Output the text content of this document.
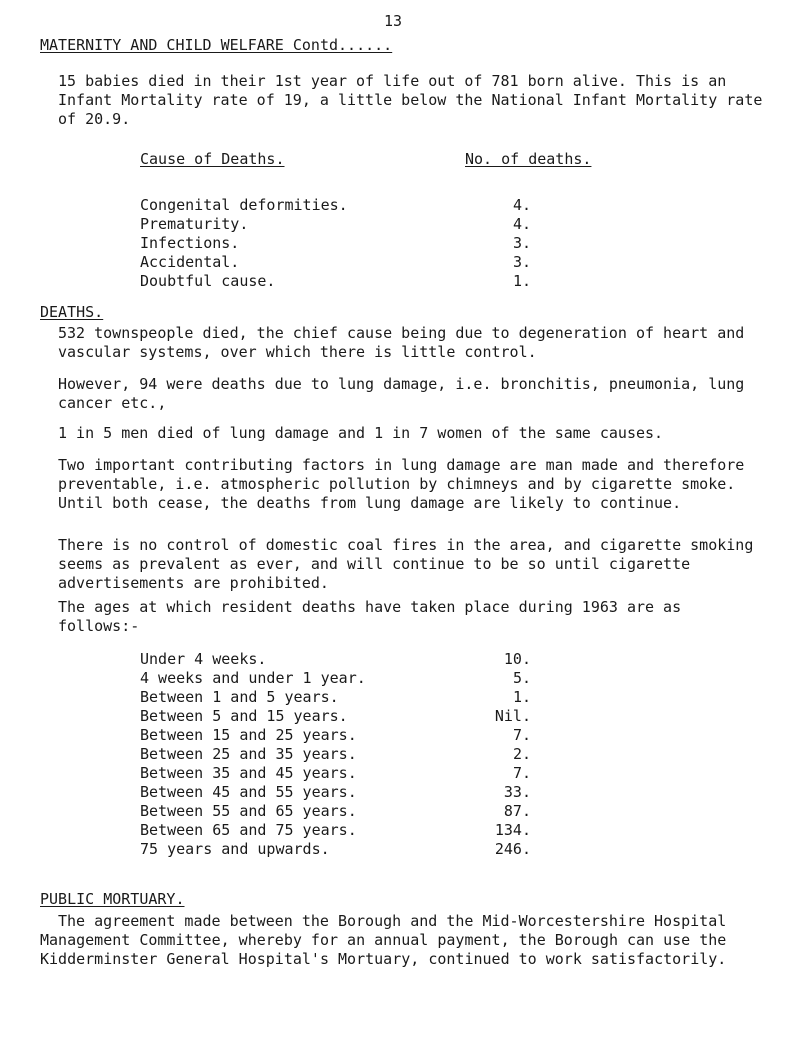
13
MATERNITY AND CHILD WELFARE Contd......

15 babies died in their 1st year of life out of 781 born alive. This is an Infant Mortality rate of 19, a little below the National Infant Mortality rate of 20.9.

Cause of Deaths.	No. of deaths.
Congenital deformities.	4.
Prematurity.	4.
Infections.	3.
Accidental.	3.
Doubtful cause.	1.
DEATHS.

532 townspeople died, the chief cause being due to degeneration of heart and vascular systems, over which there is little control.

However, 94 were deaths due to lung damage, i.e. bronchitis, pneumonia, lung cancer etc.,

1 in 5 men died of lung damage and 1 in 7 women of the same causes.

Two important contributing factors in lung damage are man made and therefore preventable, i.e. atmospheric pollution by chimneys and by cigarette smoke. Until both cease, the deaths from lung damage are likely to continue.

There is no control of domestic coal fires in the area, and cigarette smoking seems as prevalent as ever, and will continue to be so until cigarette advertisements are prohibited.

The ages at which resident deaths have taken place during 1963 are as follows:-

Under 4 weeks.	10.
4 weeks and under 1 year.	5.
Between 1 and 5 years.	1.
Between 5 and 15 years.	Nil.
Between 15 and 25 years.	7.
Between 25 and 35 years.	2.
Between 35 and 45 years.	7.
Between 45 and 55 years.	33.
Between 55 and 65 years.	87.
Between 65 and 75 years.	134.
75 years and upwards.	246.
PUBLIC MORTUARY.

The agreement made between the Borough and the Mid-Worcestershire Hospital Management Committee, whereby for an annual payment, the Borough can use the Kidderminster General Hospital's Mortuary, continued to work satisfactorily.
